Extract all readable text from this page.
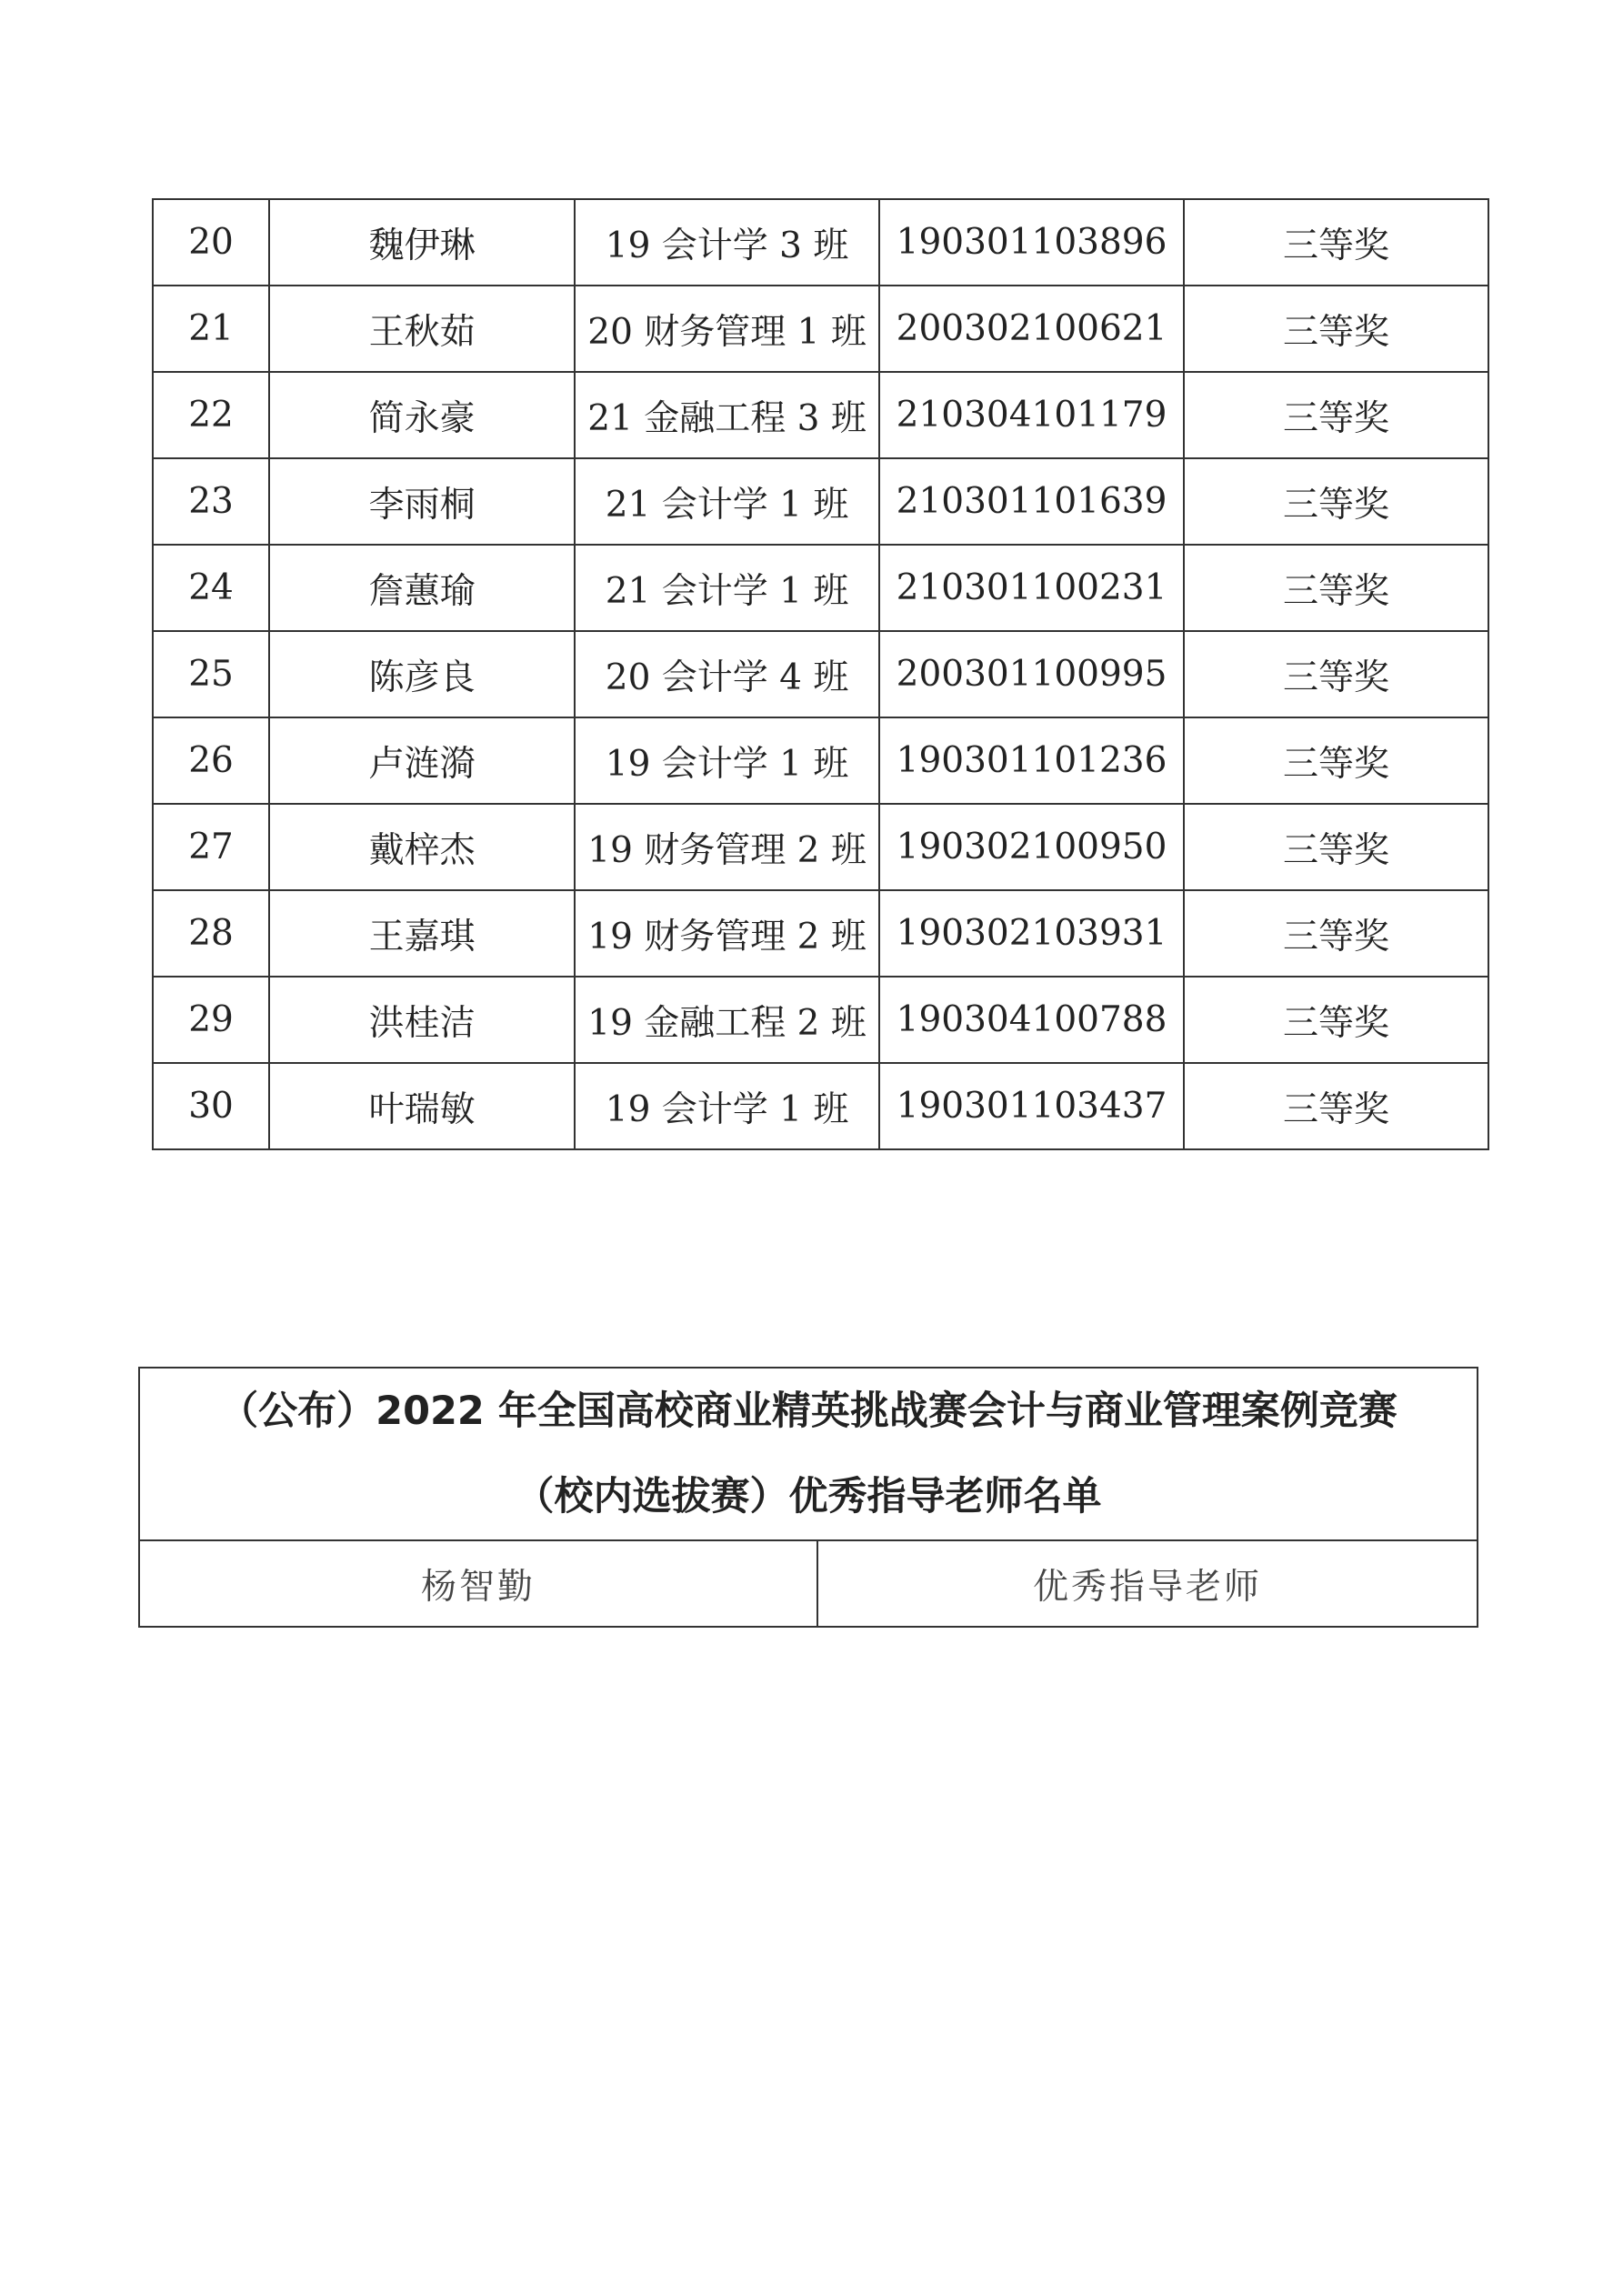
20	魏伊琳	19 会计学 3 班	190301103896	三等奖
21	王秋茹	20 财务管理 1 班	200302100621	三等奖
22	简永豪	21 金融工程 3 班	210304101179	三等奖
23	李雨桐	21 会计学 1 班	210301101639	三等奖
24	詹蕙瑜	21 会计学 1 班	210301100231	三等奖
25	陈彦良	20 会计学 4 班	200301100995	三等奖
26	卢涟漪	19 会计学 1 班	190301101236	三等奖
27	戴梓杰	19 财务管理 2 班	190302100950	三等奖
28	王嘉琪	19 财务管理 2 班	190302103931	三等奖
29	洪桂洁	19 金融工程 2 班	190304100788	三等奖
30	叶瑞敏	19 会计学 1 班	190301103437	三等奖
（公布）2022 年全国高校商业精英挑战赛会计与商业管理案例竞赛
（校内选拔赛）优秀指导老师名单

杨智勤	优秀指导老师
